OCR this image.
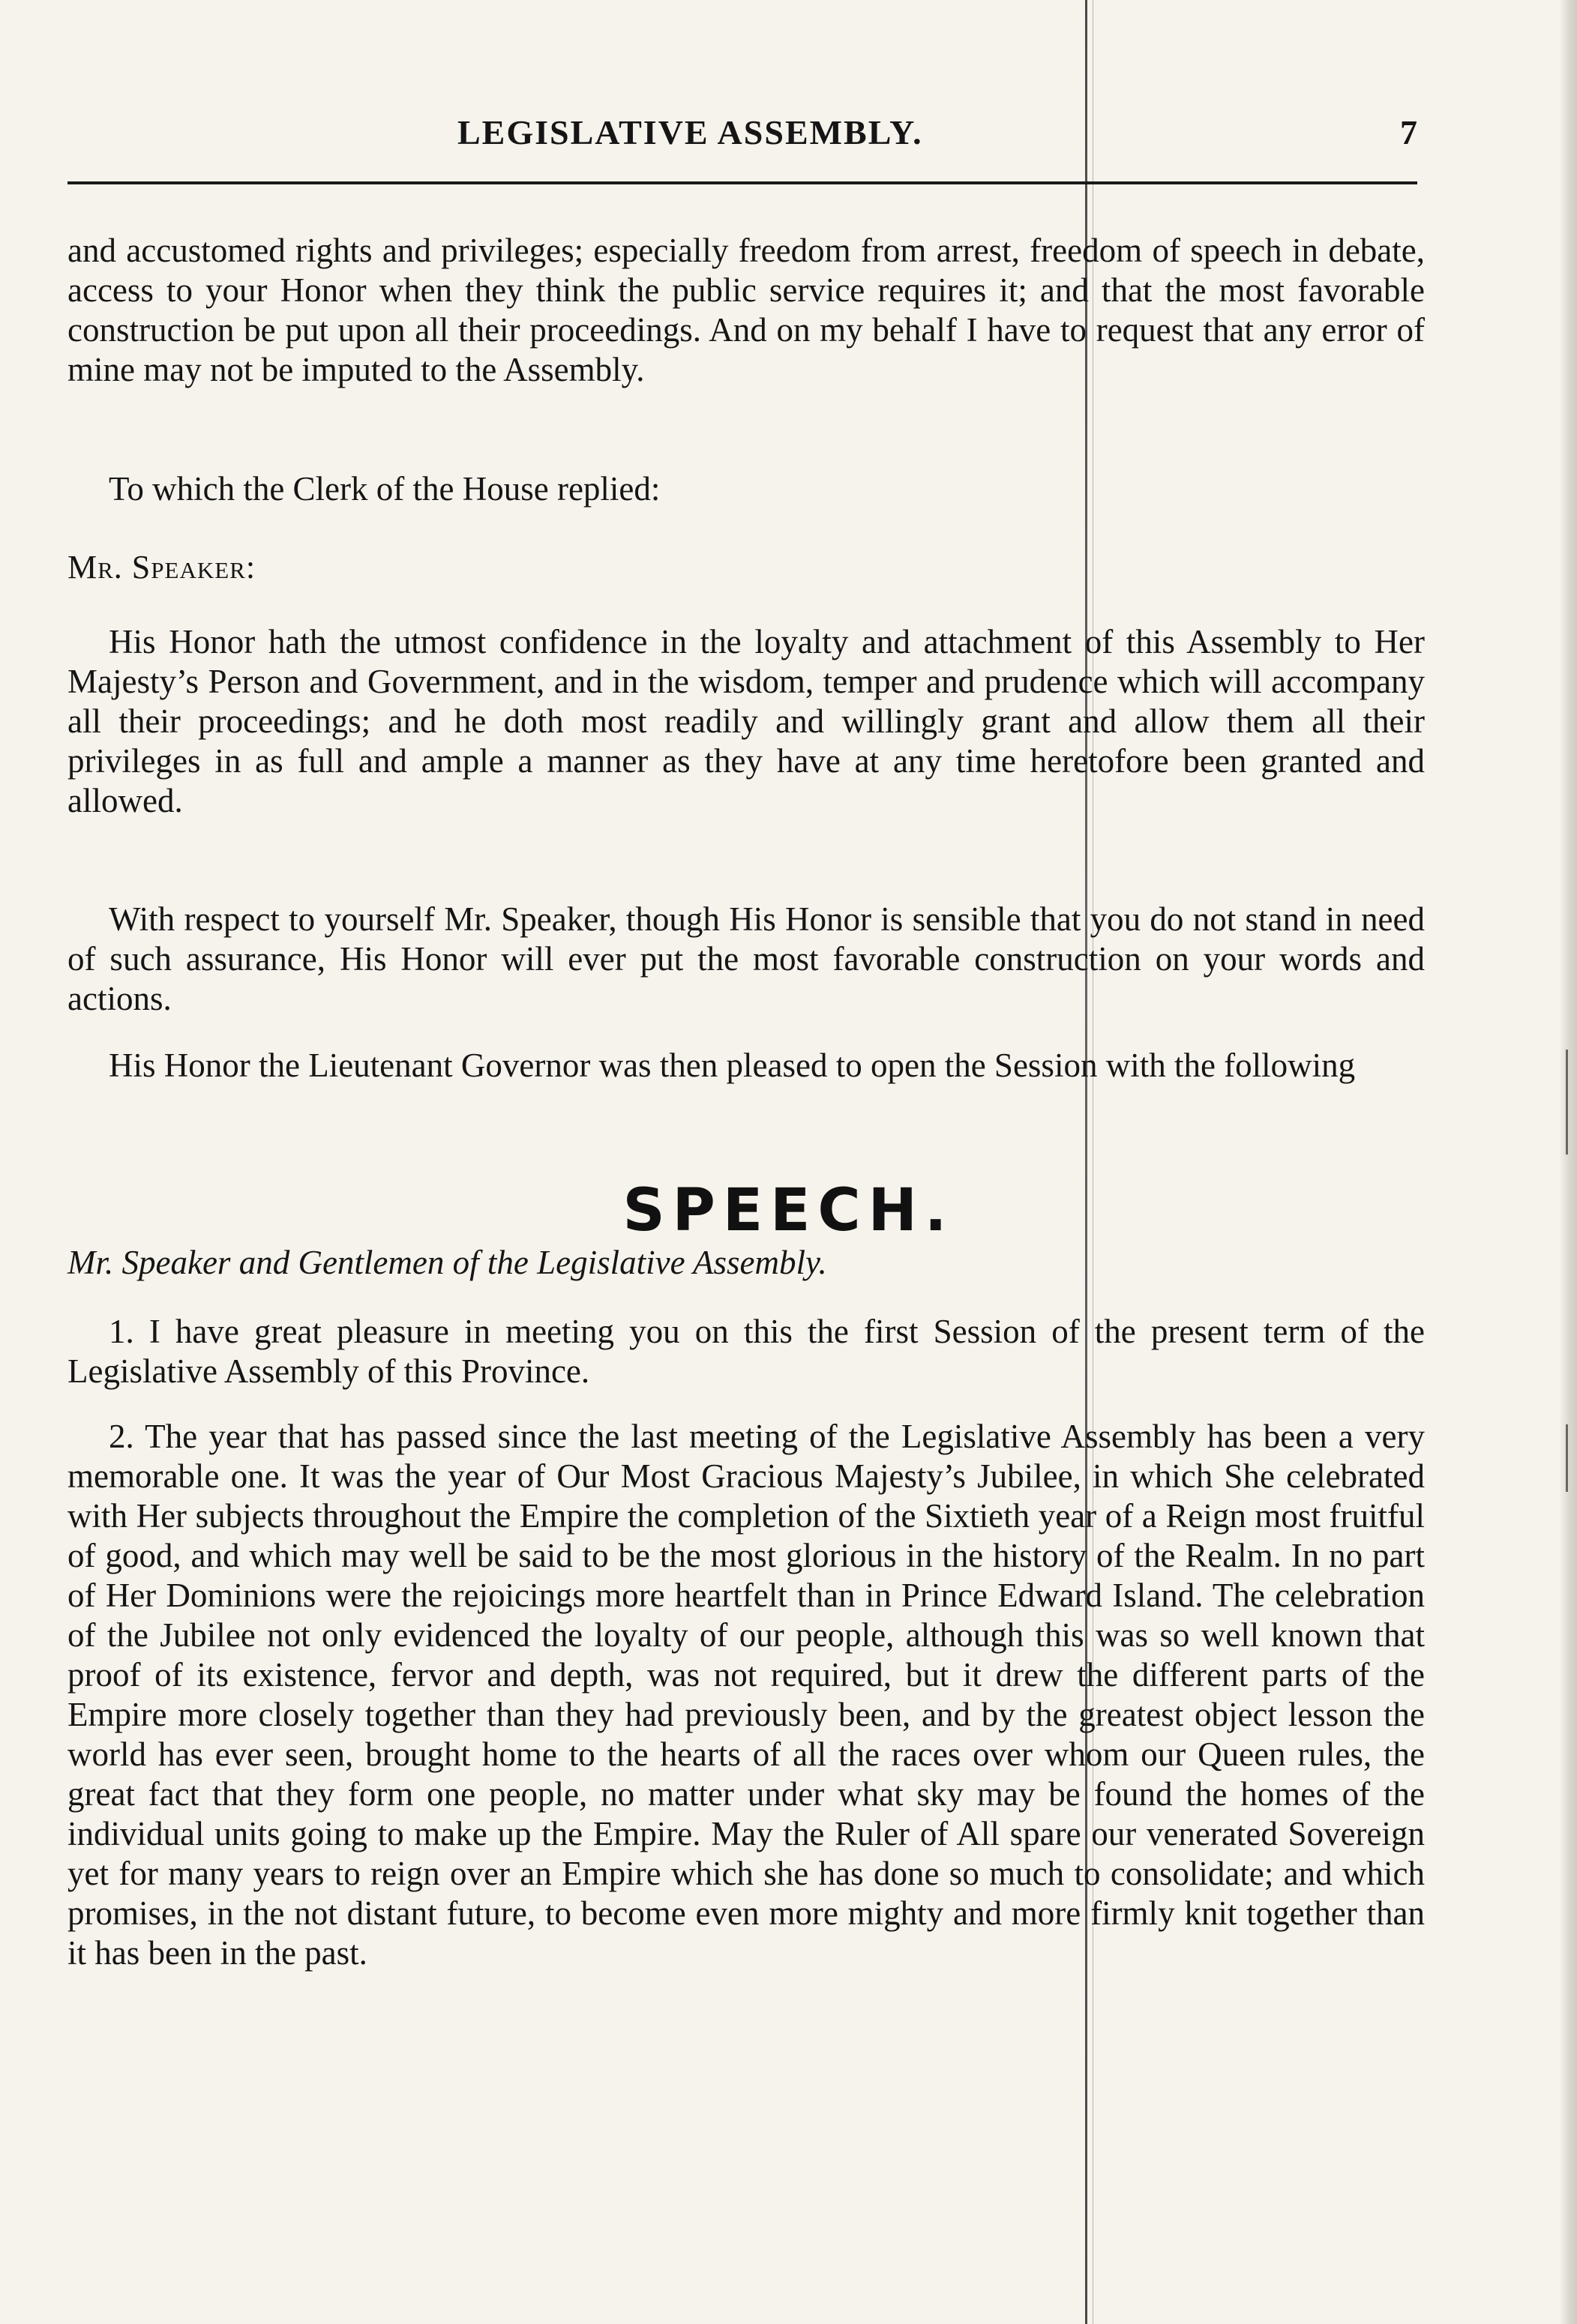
LEGISLATIVE ASSEMBLY.	7

and accustomed rights and privileges; especially freedom from arrest, freedom of speech in debate, access to your Honor when they think the public service requires it; and that the most favorable construction be put upon all their proceedings. And on my behalf I have to request that any error of mine may not be imputed to the Assembly.

To which the Clerk of the House replied:

Mr. Speaker:

His Honor hath the utmost confidence in the loyalty and attachment of this Assembly to Her Majesty’s Person and Government, and in the wisdom, temper and prudence which will accompany all their proceedings; and he doth most readily and willingly grant and allow them all their privileges in as full and ample a manner as they have at any time heretofore been granted and allowed.

With respect to yourself Mr. Speaker, though His Honor is sensible that you do not stand in need of such assurance, His Honor will ever put the most favorable construction on your words and actions.

His Honor the Lieutenant Governor was then pleased to open the Session with the following

SPEECH.
Mr. Speaker and Gentlemen of the Legislative Assembly.

1. I have great pleasure in meeting you on this the first Session of the present term of the Legislative Assembly of this Province.

2. The year that has passed since the last meeting of the Legislative Assembly has been a very memorable one. It was the year of Our Most Gracious Majesty’s Jubilee, in which She celebrated with Her subjects throughout the Empire the completion of the Sixtieth year of a Reign most fruitful of good, and which may well be said to be the most glorious in the history of the Realm. In no part of Her Dominions were the rejoicings more heartfelt than in Prince Edward Island. The celebration of the Jubilee not only evidenced the loyalty of our people, although this was so well known that proof of its existence, fervor and depth, was not required, but it drew the different parts of the Empire more closely together than they had previously been, and by the greatest object lesson the world has ever seen, brought home to the hearts of all the races over whom our Queen rules, the great fact that they form one people, no matter under what sky may be found the homes of the individual units going to make up the Empire. May the Ruler of All spare our venerated Sovereign yet for many years to reign over an Empire which she has done so much to consolidate; and which promises, in the not distant future, to become even more mighty and more firmly knit together than it has been in the past.
